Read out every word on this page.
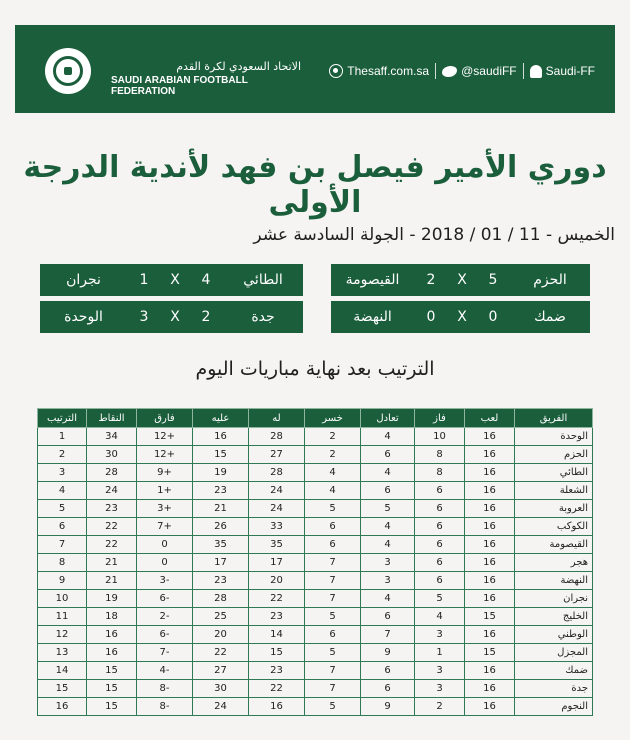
الاتحاد السعودي لكرة القدم
SAUDI ARABIAN FOOTBALL FEDERATION
Thesaff.com.sa	@saudiFF Saudi-FF
دوري الأمير فيصل بن فهد لأندية الدرجة الأولى
الخميس - 11 / 01 / 2018 - الجولة السادسة عشر
الحزم
5
X
2
القيصومة
ضمك
0
X
0
النهضة
الطائي
4
X
1
نجران
جدة
2
X
3
الوحدة
الترتيب بعد نهاية مباريات اليوم
الفريق	لعب	فاز	تعادل	خسر	له	عليه	فارق	النقاط	الترتيب
الوحدة	16	10	4	2	28	16	+12	34	1
الحزم	16	8	6	2	27	15	+12	30	2
الطائي	16	8	4	4	28	19	+9	28	3
الشعلة	16	6	6	4	24	23	+1	24	4
العروبة	16	6	5	5	24	21	+3	23	5
الكوكب	16	6	4	6	33	26	+7	22	6
القيصومة	16	6	4	6	35	35	0	22	7
هجر	16	6	3	7	17	17	0	21	8
النهضة	16	6	3	7	20	23	-3	21	9
نجران	16	5	4	7	22	28	-6	19	10
الخليج	15	4	6	5	23	25	-2	18	11
الوطني	16	3	7	6	14	20	-6	16	12
المجزل	15	1	9	5	15	22	-7	16	13
ضمك	16	3	6	7	23	27	-4	15	14
جدة	16	3	6	7	22	30	-8	15	15
النجوم	16	2	9	5	16	24	-8	15	16
